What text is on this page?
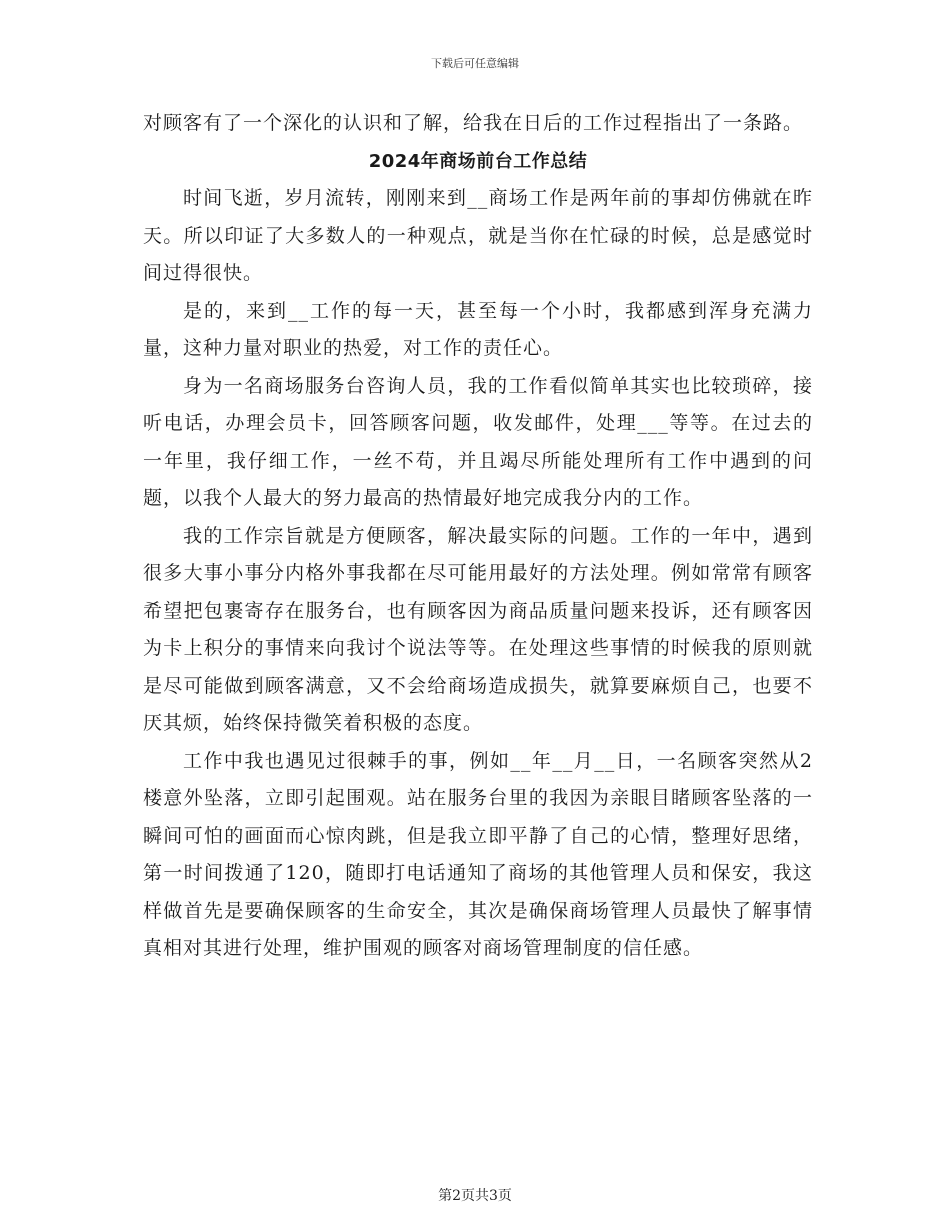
下载后可任意编辑

对顾客有了一个深化的认识和了解，给我在日后的工作过程指出了一条路。

2024年商场前台工作总结

时间飞逝，岁月流转，刚刚来到__商场工作是两年前的事却仿佛就在昨天。所以印证了大多数人的一种观点，就是当你在忙碌的时候，总是感觉时间过得很快。

是的，来到__工作的每一天，甚至每一个小时，我都感到浑身充满力量，这种力量对职业的热爱，对工作的责任心。

身为一名商场服务台咨询人员，我的工作看似简单其实也比较琐碎，接听电话，办理会员卡，回答顾客问题，收发邮件，处理___等等。在过去的一年里，我仔细工作，一丝不苟，并且竭尽所能处理所有工作中遇到的问题，以我个人最大的努力最高的热情最好地完成我分内的工作。

我的工作宗旨就是方便顾客，解决最实际的问题。工作的一年中，遇到很多大事小事分内格外事我都在尽可能用最好的方法处理。例如常常有顾客希望把包裹寄存在服务台，也有顾客因为商品质量问题来投诉，还有顾客因为卡上积分的事情来向我讨个说法等等。在处理这些事情的时候我的原则就是尽可能做到顾客满意，又不会给商场造成损失，就算要麻烦自己，也要不厌其烦，始终保持微笑着积极的态度。

工作中我也遇见过很棘手的事，例如__年__月__日，一名顾客突然从2楼意外坠落，立即引起围观。站在服务台里的我因为亲眼目睹顾客坠落的一瞬间可怕的画面而心惊肉跳，但是我立即平静了自己的心情，整理好思绪，第一时间拨通了120，随即打电话通知了商场的其他管理人员和保安，我这样做首先是要确保顾客的生命安全，其次是确保商场管理人员最快了解事情真相对其进行处理，维护围观的顾客对商场管理制度的信任感。

第2页共3页
